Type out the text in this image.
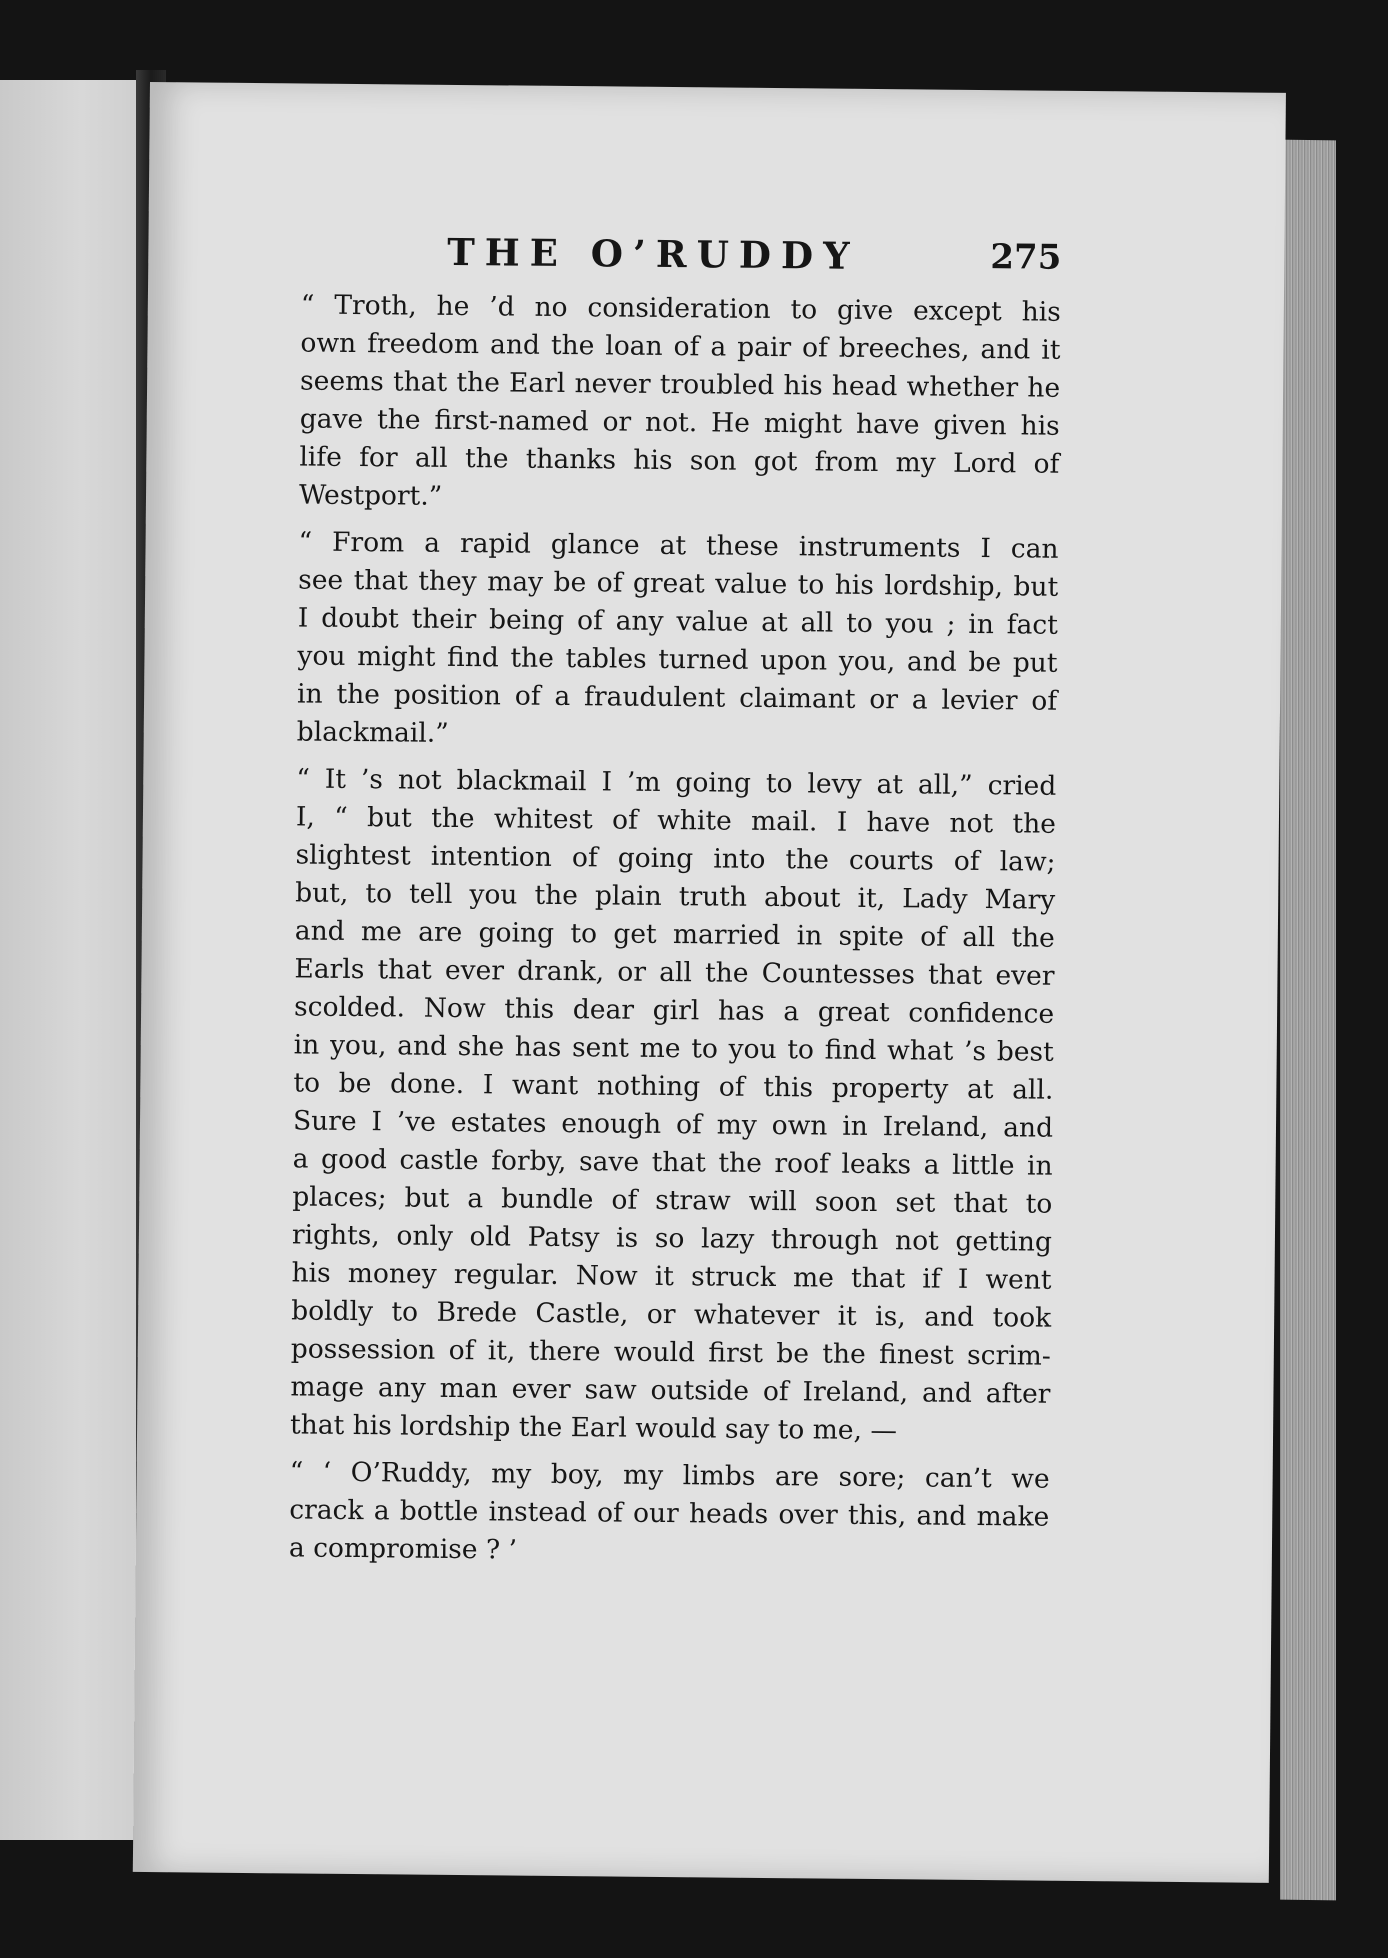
THE O’RUDDY	275

“ Troth, he ’d no consideration to give except his
own freedom and the loan of a pair of breeches, and it
seems that the Earl never troubled his head whether he
gave the first-named or not. He might have given his
life for all the thanks his son got from my Lord of
Westport.”

“ From a rapid glance at these instruments I can
see that they may be of great value to his lordship, but
I doubt their being of any value at all to you ; in fact
you might find the tables turned upon you, and be put
in the position of a fraudulent claimant or a levier of
blackmail.”

“ It ’s not blackmail I ’m going to levy at all,” cried
I, “ but the whitest of white mail. I have not the
slightest intention of going into the courts of law;
but, to tell you the plain truth about it, Lady Mary
and me are going to get married in spite of all the
Earls that ever drank, or all the Countesses that ever
scolded. Now this dear girl has a great confidence
in you, and she has sent me to you to find what ’s best
to be done. I want nothing of this property at all.
Sure I ’ve estates enough of my own in Ireland, and
a good castle forby, save that the roof leaks a little in
places; but a bundle of straw will soon set that to
rights, only old Patsy is so lazy through not getting
his money regular. Now it struck me that if I went
boldly to Brede Castle, or whatever it is, and took
possession of it, there would first be the finest scrim-
mage any man ever saw outside of Ireland, and after
that his lordship the Earl would say to me, —

“ ‘ O’Ruddy, my boy, my limbs are sore; can’t we
crack a bottle instead of our heads over this, and make
a compromise ? ’
